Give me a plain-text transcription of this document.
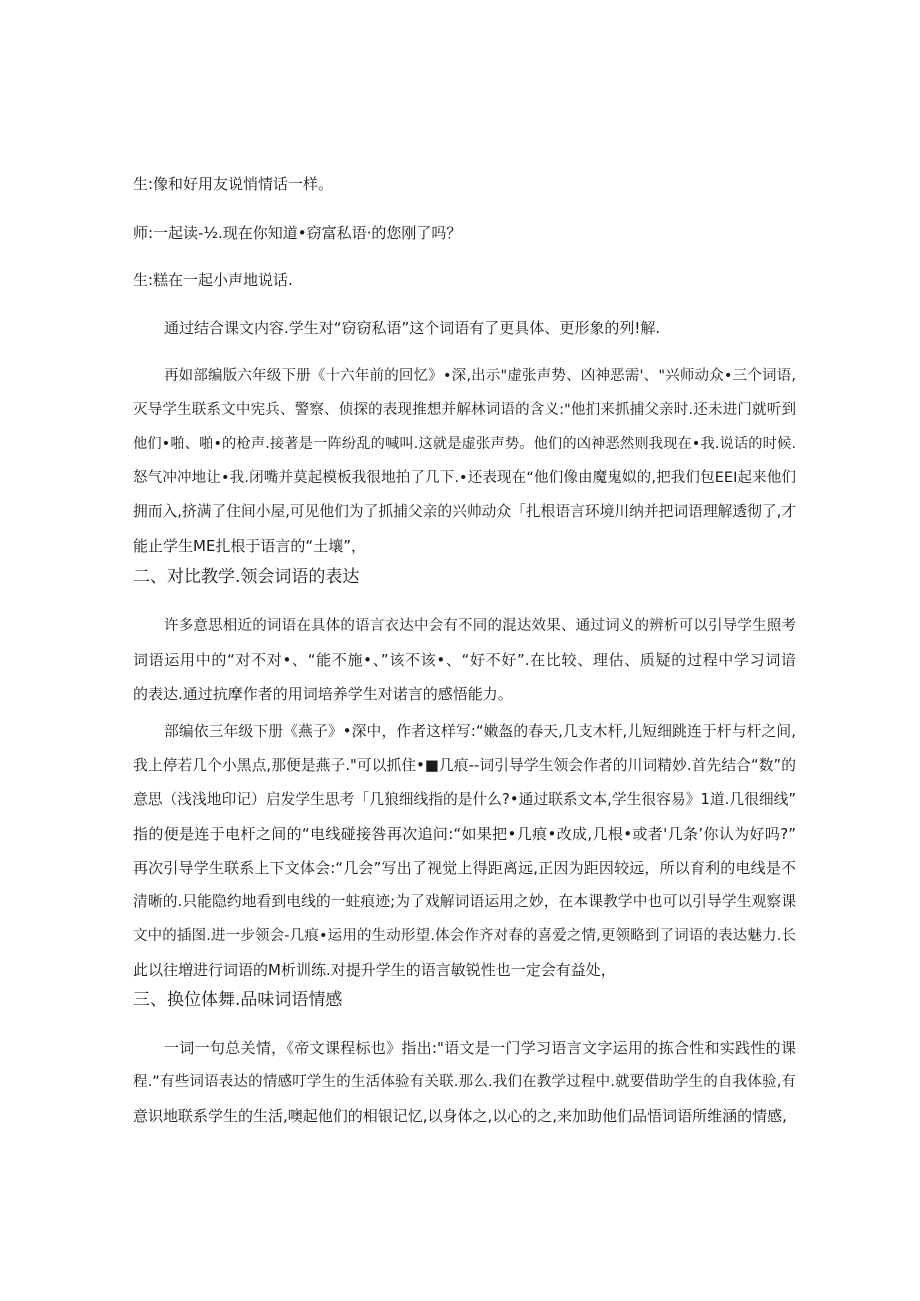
生:像和好用友说悄情话一样。
师:一起读-½.现在你知道•窃富私语·的您刚了吗？
生:糕在一起小声地说话.
通过结合课文内容.学生对“窃窃私语”这个词语有了更具体、更形象的列!解.
再如部编版六年级下册《十六年前的回忆》•深,出示"虚张声势、凶神恶需'、"兴师动众•三个词语,
灭导学生联系文中宪兵、警察、侦探的表现推想并解林词语的含义:"他扪来抓捕父亲时.还未进门就听到
他们•啪、啪•的枪声.接著是一阵纷乱的喊叫.这就是虚张声势。他们的凶神恶然则我现在•我.说话的时候.
怒气冲冲地让•我.闭嘴并莫起模板我很地拍了几下.•还表现在“他们像由魔鬼姒的,把我们包EEI起来他们
拥而入,挤满了住间小屋,可见他们为了抓捕父亲的兴帅动众「扎根语言环境川纳并把词语理解透彻了,才
能止学生ME扎根于语言的“土壤”，
二、对比教学.领会词语的表达
许多意思相近的词语在具体的语言衣达中会有不同的混达效果、通过词义的辨析可以引导学生照考
词语运用中的“对不对•、“能不施•、”该不该•、“好不好”.在比较、理估、质疑的过程中学习词谙
的表达.通过抗摩作者的用词培养学生对诺言的感悟能力。
部编依三年级下册《燕子》•深中，作者这样写:“嫩盔的春天,几支木杆,儿短细跳连于杆与杆之间,
我上停若几个小黑点,那便是燕子."可以抓住•■几痕--词引导学生领会作者的川词精妙.首先结合“数”的
意思（浅浅地印记）启发学生思考「几狼细线指的是什么?•通过联系文本,学生很容易》1道.几很细线”
指的便是连于电杆之间的“电线碰接咎再次追问:“如果把•几痕•改成,几根•或者'几条’你认为好吗?”
再次引导学生联系上下文体会:“几会”写出了视觉上得距离远,正因为距因较远，所以育利的电线是不
清晰的.只能隐约地看到电线的一蛀痕迹;为了戏解词语运用之妙，在本课教学中也可以引导学生观察课
文中的插图.进一步领会-几痕•运用的生动形望.体会作齐对春的喜爱之情,更领略到了词语的表达魅力.长
此以往増进行词语的M析训练.对提升学生的语言敏锐性也一定会有益处，
三、换位体舞.品味词语情感
一词一句总关情，《帝文课程标也》指出:"语文是一门学习语言文字运用的拣合性和实践性的课
程.”有些词语表达的情感叮学生的生活体验有关联.那么.我们在教学过程中.就要借助学生的自我体验,有
意识地联系学生的生活,噢起他们的相银记忆,以身体之,以心的之,来加助他们品悟词语所维涵的情感,
